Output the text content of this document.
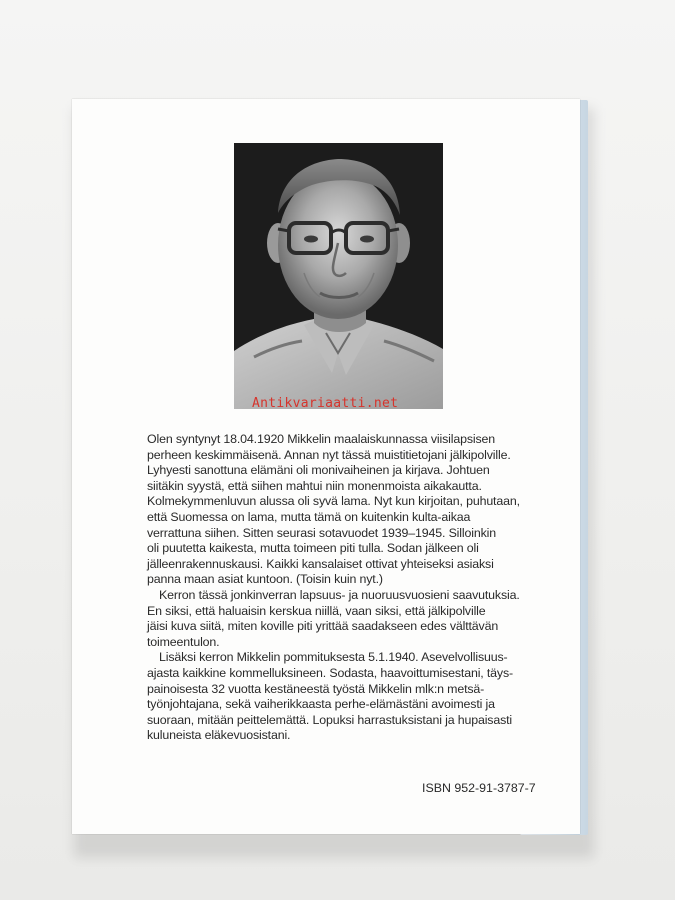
Antikvariaatti.net

Olen syntynyt 18.04.1920 Mikkelin maalaiskunnassa viisilapsisen
perheen keskimmäisenä. Annan nyt tässä muistitietojani jälkipolville.
Lyhyesti sanottuna elämäni oli monivaiheinen ja kirjava. Johtuen
siitäkin syystä, että siihen mahtui niin monenmoista aikakautta.
Kolmekymmenluvun alussa oli syvä lama. Nyt kun kirjoitan, puhutaan,
että Suomessa on lama, mutta tämä on kuitenkin kulta-aikaa
verrattuna siihen. Sitten seurasi sotavuodet 1939–1945. Silloinkin
oli puutetta kaikesta, mutta toimeen piti tulla. Sodan jälkeen oli
jälleenrakennuskausi. Kaikki kansalaiset ottivat yhteiseksi asiaksi
panna maan asiat kuntoon. (Toisin kuin nyt.)

Kerron tässä jonkinverran lapsuus- ja nuoruusvuosieni saavutuksia.
En siksi, että haluaisin kerskua niillä, vaan siksi, että jälkipolville
jäisi kuva siitä, miten koville piti yrittää saadakseen edes välttävän
toimeentulon.

Lisäksi kerron Mikkelin pommituksesta 5.1.1940. Asevelvollisuus-
ajasta kaikkine kommelluksineen. Sodasta, haavoittumisestani, täys-
painoisesta 32 vuotta kestäneestä työstä Mikkelin mlk:n metsä-
työnjohtajana, sekä vaiherikkaasta perhe-elämästäni avoimesti ja
suoraan, mitään peittelemättä. Lopuksi harrastuksistani ja hupaisasti
kuluneista eläkevuosistani.

ISBN 952-91-3787-7
